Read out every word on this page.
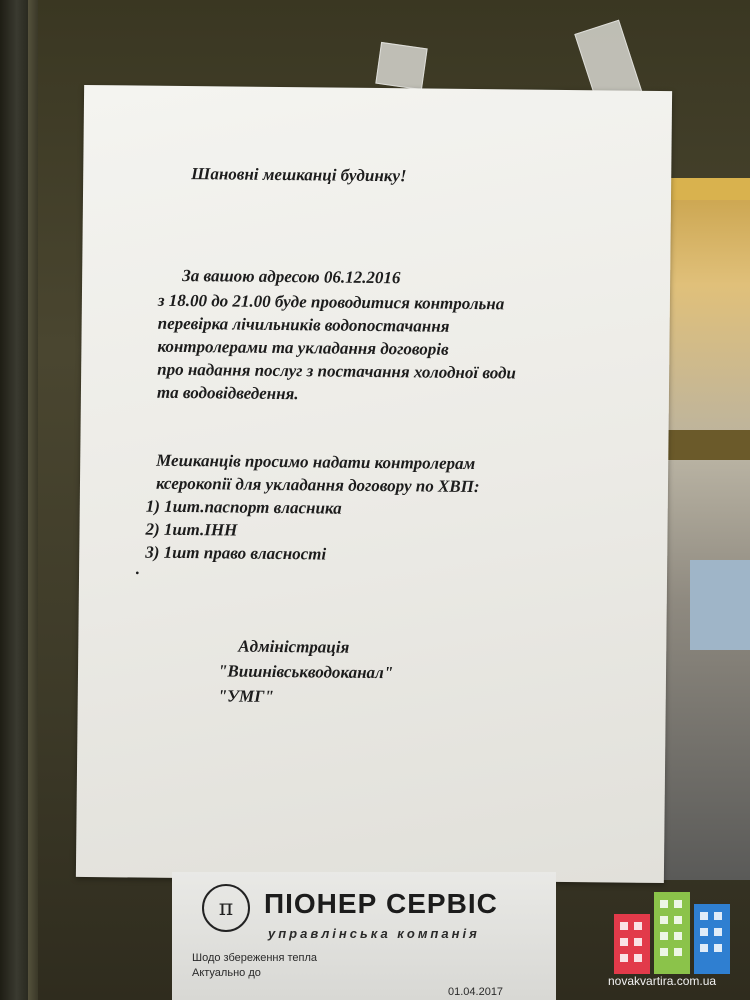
Шановні мешканці будинку!

За вашою адресою 06.12.2016

з 18.00 до 21.00 буде проводитися контрольна

перевірка лічильників водопостачання

контролерами та укладання договорів

про надання послуг з постачання холодної води

та водовідведення.

Мешканців просимо надати контролерам

ксерокопії для укладання договору по ХВП:

1) 1шт.паспорт власника

2) 1шт.ІНН

3) 1шт право власності

·

Адміністрація

"Вишнівськводоканал"

"УМГ"

π	ПІОНЕР СЕРВІС

управлінська компанія

Шодо збереження тепла

Актуально до

01.04.2017

novakvartira.com.ua
